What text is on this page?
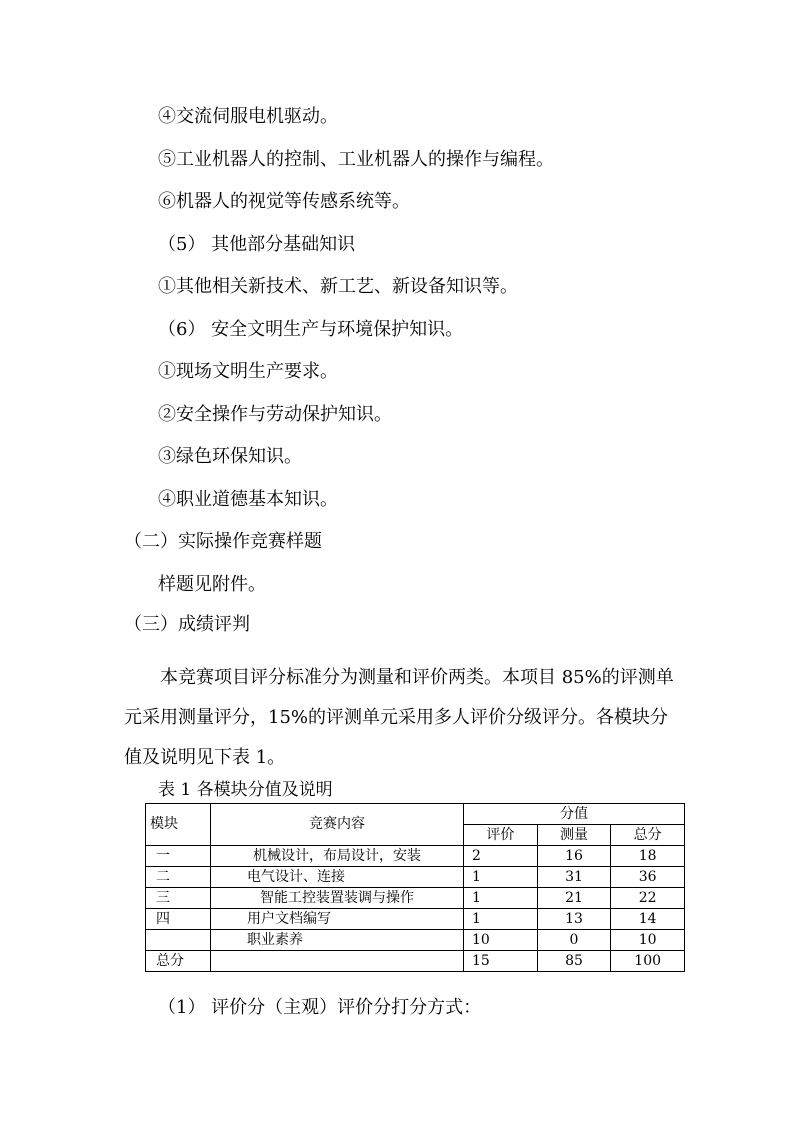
④交流伺服电机驱动。
⑤工业机器人的控制、工业机器人的操作与编程。
⑥机器人的视觉等传感系统等。
（5） 其他部分基础知识
①其他相关新技术、新工艺、新设备知识等。
（6） 安全文明生产与环境保护知识。
①现场文明生产要求。
②安全操作与劳动保护知识。
③绿色环保知识。
④职业道德基本知识。
（二）实际操作竞赛样题
样题见附件。
（三）成绩评判
本竞赛项目评分标准分为测量和评价两类。本项目 85%的评测单元采用测量评分，15%的评测单元采用多人评价分级评分。各模块分值及说明见下表 1。
表 1 各模块分值及说明
模块	竞赛内容	分值		
		评价	测量	总分
一	机械设计，布局设计，安装	2	16	18
二	电气设计、连接	1	31	36
三	智能工控装置装调与操作	1	21	22
四	用户文档编写	1	13	14
	职业素养	10	0	10
总分		15	85	100
（1） 评价分（主观）评价分打分方式：
